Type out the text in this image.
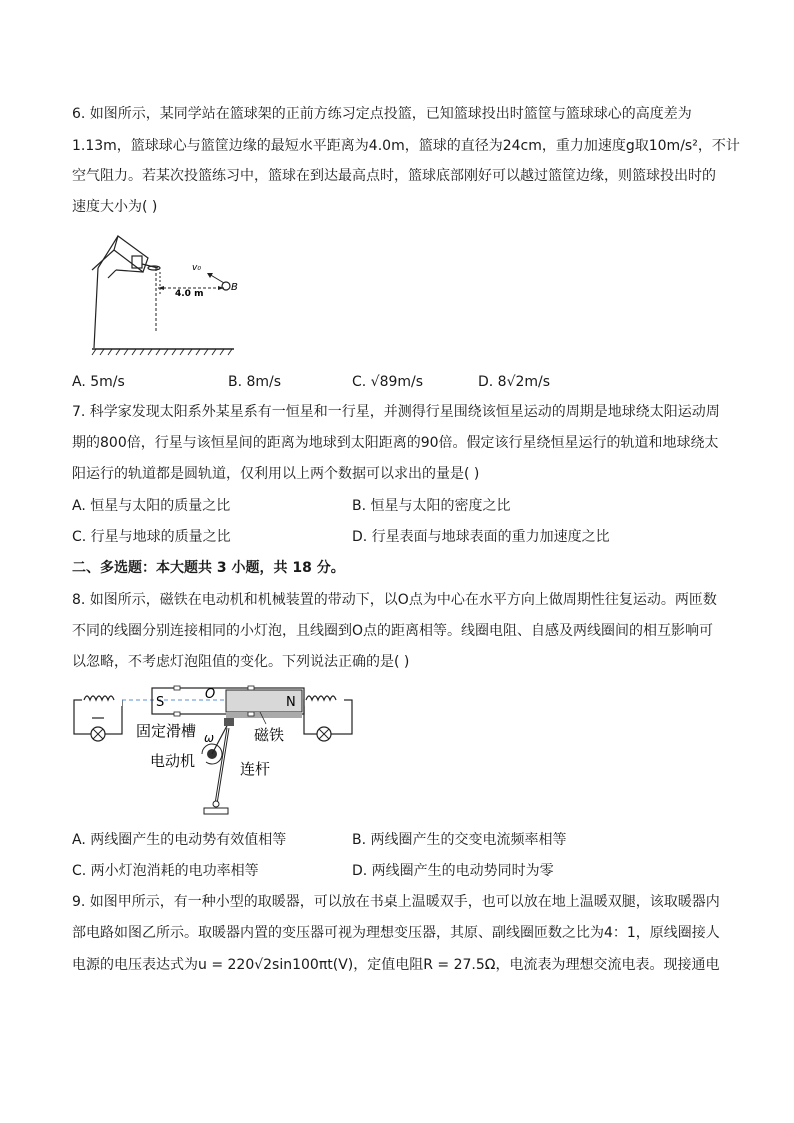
6. 如图所示，某同学站在篮球架的正前方练习定点投篮，已知篮球投出时篮筐与篮球球心的高度差为
1.13m，篮球球心与篮筐边缘的最短水平距离为4.0m，篮球的直径为24cm，重力加速度g取10m/s²，不计
空气阻力。若某次投篮练习中，篮球在到达最高点时，篮球底部刚好可以越过篮筐边缘，则篮球投出时的
速度大小为( )
v₀
4.0 m
B
A. 5m/s	B. 8m/s	C. √89m/s	D. 8√2m/s
7. 科学家发现太阳系外某星系有一恒星和一行星，并测得行星围绕该恒星运动的周期是地球绕太阳运动周
期的800倍，行星与该恒星间的距离为地球到太阳距离的90倍。假定该行星绕恒星运行的轨道和地球绕太
阳运行的轨道都是圆轨道，仅利用以上两个数据可以求出的量是( )
A. 恒星与太阳的质量之比	B. 恒星与太阳的密度之比
C. 行星与地球的质量之比	D. 行星表面与地球表面的重力加速度之比
二、多选题：本大题共 3 小题，共 18 分。
8. 如图所示，磁铁在电动机和机械装置的带动下，以O点为中心在水平方向上做周期性往复运动。两匝数
不同的线圈分别连接相同的小灯泡，且线圈到O点的距离相等。线圈电阻、自感及两线圈间的相互影响可
以忽略，不考虑灯泡阻值的变化。下列说法正确的是( )
S	N
O
磁铁
固定滑槽 ω
电动机	连杆
A. 两线圈产生的电动势有效值相等	B. 两线圈产生的交变电流频率相等
C. 两小灯泡消耗的电功率相等	D. 两线圈产生的电动势同时为零
9. 如图甲所示，有一种小型的取暖器，可以放在书桌上温暖双手，也可以放在地上温暖双腿，该取暖器内
部电路如图乙所示。取暖器内置的变压器可视为理想变压器，其原、副线圈匝数之比为4：1，原线圈接人
电源的电压表达式为u = 220√2sin100πt(V)，定值电阻R = 27.5Ω，电流表为理想交流电表。现接通电
